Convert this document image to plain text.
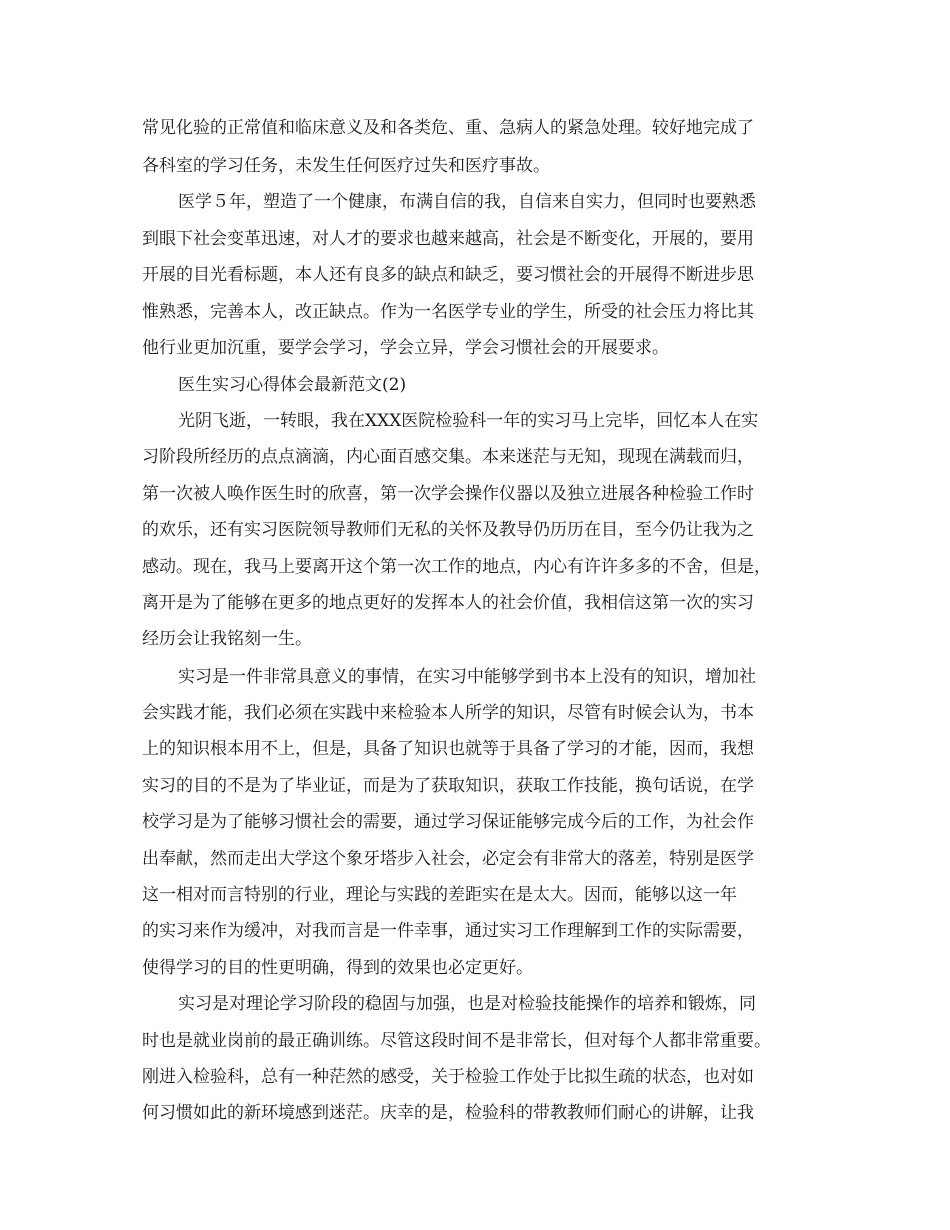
常见化验的正常值和临床意义及和各类危、重、急病人的紧急处理。较好地完成了
各科室的学习任务，未发生任何医疗过失和医疗事故。
医学５年，塑造了一个健康，布满自信的我，自信来自实力，但同时也要熟悉
到眼下社会变革迅速，对人才的要求也越来越高，社会是不断变化，开展的，要用
开展的目光看标题，本人还有良多的缺点和缺乏，要习惯社会的开展得不断进步思
惟熟悉，完善本人，改正缺点。作为一名医学专业的学生，所受的社会压力将比其
他行业更加沉重，要学会学习，学会立异，学会习惯社会的开展要求。
医生实习心得体会最新范文(2)
光阴飞逝，一转眼，我在XXX医院检验科一年的实习马上完毕，回忆本人在实
习阶段所经历的点点滴滴，内心面百感交集。本来迷茫与无知，现现在满载而归，
第一次被人唤作医生时的欣喜，第一次学会操作仪器以及独立进展各种检验工作时
的欢乐，还有实习医院领导教师们无私的关怀及教导仍历历在目，至今仍让我为之
感动。现在，我马上要离开这个第一次工作的地点，内心有许许多多的不舍，但是，
离开是为了能够在更多的地点更好的发挥本人的社会价值，我相信这第一次的实习
经历会让我铭刻一生。
实习是一件非常具意义的事情，在实习中能够学到书本上没有的知识，增加社
会实践才能，我们必须在实践中来检验本人所学的知识，尽管有时候会认为，书本
上的知识根本用不上，但是，具备了知识也就等于具备了学习的才能，因而，我想
实习的目的不是为了毕业证，而是为了获取知识，获取工作技能，换句话说，在学
校学习是为了能够习惯社会的需要，通过学习保证能够完成今后的工作，为社会作
出奉献，然而走出大学这个象牙塔步入社会，必定会有非常大的落差，特别是医学
这一相对而言特别的行业，理论与实践的差距实在是太大。因而，能够以这一年
的实习来作为缓冲，对我而言是一件幸事，通过实习工作理解到工作的实际需要，
使得学习的目的性更明确，得到的效果也必定更好。
实习是对理论学习阶段的稳固与加强，也是对检验技能操作的培养和锻炼，同
时也是就业岗前的最正确训练。尽管这段时间不是非常长，但对每个人都非常重要。
刚进入检验科，总有一种茫然的感受，关于检验工作处于比拟生疏的状态，也对如
何习惯如此的新环境感到迷茫。庆幸的是，检验科的带教教师们耐心的讲解，让我
